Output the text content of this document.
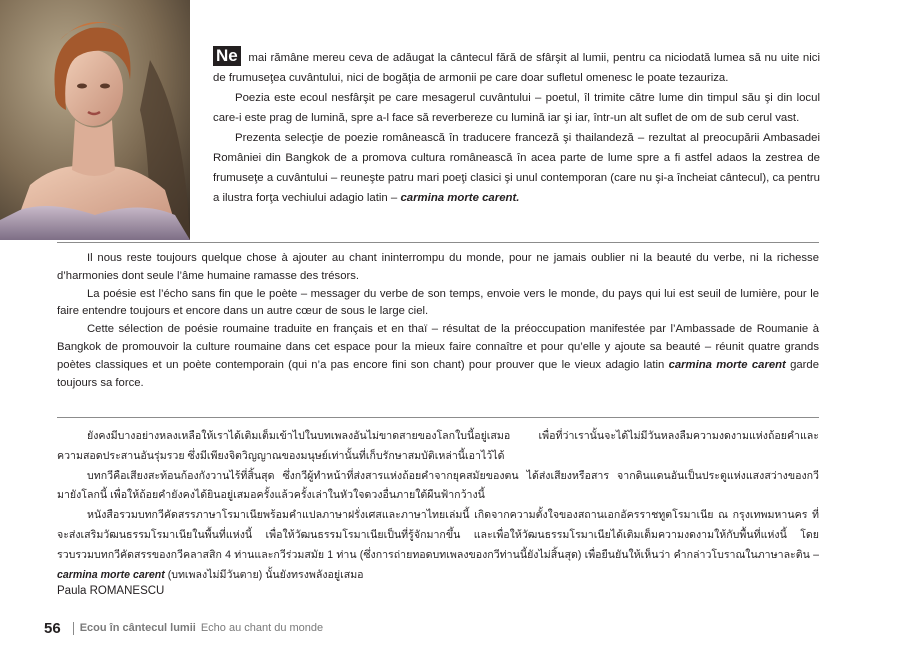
Ne mai rămâne mereu ceva de adăugat la cântecul fără de sfârşit al lumii, pentru ca niciodată lumea să nu uite nici de frumuseţea cuvântului, nici de bogăţia de armonii pe care doar sufletul omenesc le poate tezauriza.

Poezia este ecoul nesfârşit pe care mesagerul cuvântului – poetul, îl trimite către lume din timpul său şi din locul care-i este prag de lumină, spre a-l face să reverbereze cu lumină iar şi iar, într-un alt suflet de om de sub cerul vast.

Prezenta selecţie de poezie românească în traducere franceză şi thailandeză – rezultat al preocupării Ambasadei României din Bangkok de a promova cultura românească în acea parte de lume spre a fi astfel adaos la zestrea de frumuseţe a cuvântului – reuneşte patru mari poeţi clasici şi unul contemporan (care nu şi-a încheiat cântecul), ca pentru a ilustra forţa vechiului adagio latin – carmina morte carent.

Il nous reste toujours quelque chose à ajouter au chant ininterrompu du monde, pour ne jamais oublier ni la beauté du verbe, ni la richesse d’harmonies dont seule l’âme humaine ramasse des trésors.

La poésie est l’écho sans fin que le poète – messager du verbe de son temps, envoie vers le monde, du pays qui lui est seuil de lumière, pour le faire entendre toujours et encore dans un autre cœur de sous le large ciel.

Cette sélection de poésie roumaine traduite en français et en thaï – résultat de la préoccupation manifestée par l’Ambassade de Roumanie à Bangkok de promouvoir la culture roumaine dans cet espace pour la mieux faire connaître et pour qu’elle y ajoute sa beauté – réunit quatre grands poètes classiques et un poète contemporain (qui n’a pas encore fini son chant) pour prouver que le vieux adagio latin carmina morte carent garde toujours sa force.

ยังคงมีบางอย่างหลงเหลือให้เราได้เติมเต็มเข้าไปในบทเพลงอันไม่ขาดสายของโลกใบนี้อยู่เสมอ เพื่อที่ว่าเรานั้นจะได้ไม่มีวันหลงลืมความงดงามแห่งถ้อยคำและความสอดประสานอันรุ่มรวย ซึ่งมีเพียงจิตวิญญาณของมนุษย์เท่านั้นที่เก็บรักษาสมบัติเหล่านี้เอาไว้ได้

บทกวีคือเสียงสะท้อนก้องกังวานไร้ที่สิ้นสุด ซึ่งกวีผู้ทำหน้าที่ส่งสารแห่งถ้อยคำจากยุคสมัยของตน ได้ส่งเสียงหรือสาร จากดินแดนอันเป็นประตูแห่งแสงสว่างของกวีมายังโลกนี้ เพื่อให้ถ้อยคำยังคงได้ยินอยู่เสมอครั้งแล้วครั้งเล่าในหัวใจดวงอื่นภายใต้ผืนฟ้ากว้างนี้

หนังสือรวมบทกวีคัดสรรภาษาโรมาเนียพร้อมคำแปลภาษาฝรั่งเศสและภาษาไทยเล่มนี้ เกิดจากความตั้งใจของสถานเอกอัครราชทูตโรมาเนีย ณ กรุงเทพมหานคร ที่จะส่งเสริมวัฒนธรรมโรมาเนียในพื้นที่แห่งนี้ เพื่อให้วัฒนธรรมโรมาเนียเป็นที่รู้จักมากขึ้น และเพื่อให้วัฒนธรรมโรมาเนียได้เติมเต็มความงดงามให้กับพื้นที่แห่งนี้ โดยรวบรวมบทกวีคัดสรรของกวีคลาสสิก 4 ท่านและกวีร่วมสมัย 1 ท่าน (ซึ่งการถ่ายทอดบทเพลงของกวีท่านนี้ยังไม่สิ้นสุด) เพื่อยืนยันให้เห็นว่า คำกล่าวโบราณในภาษาละติน – carmina morte carent (บทเพลงไม่มีวันตาย) นั้นยังทรงพลังอยู่เสมอ

Paula ROMANESCU
56 Ecou în cântecul lumii Echo au chant du monde
